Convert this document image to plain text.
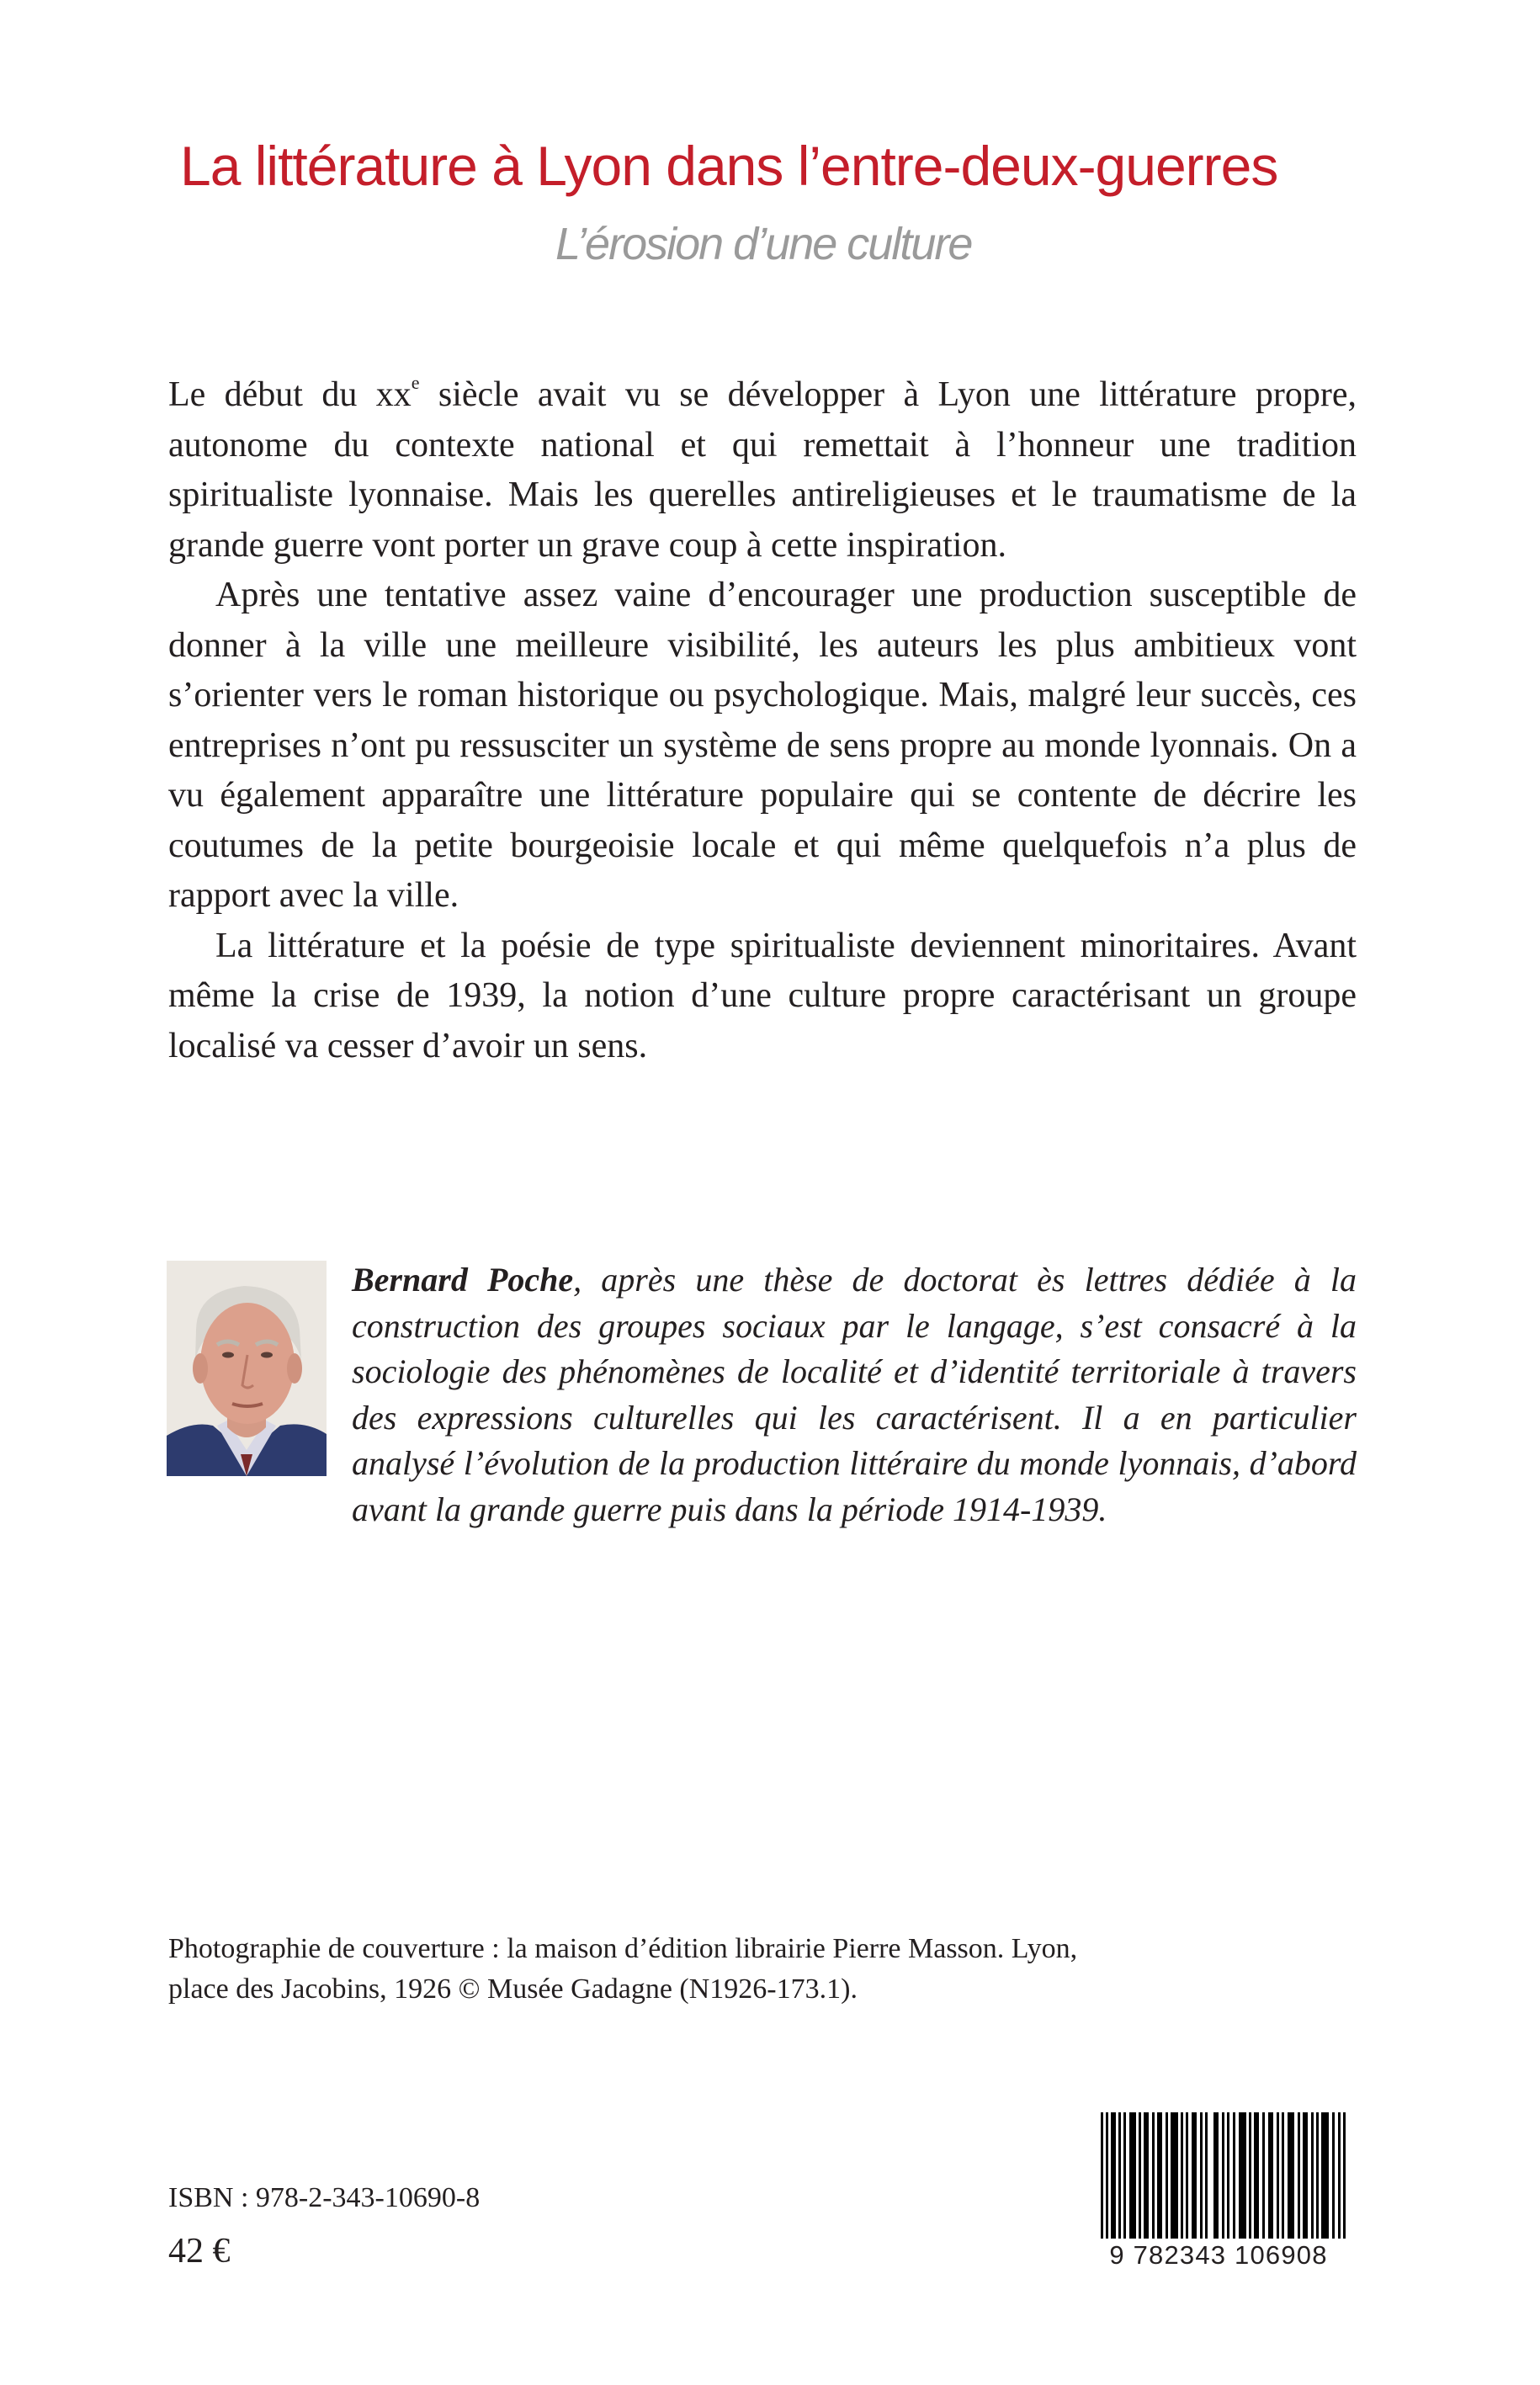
La littérature à Lyon dans l’entre-deux-guerres
L’érosion d’une culture

Le début du $xx^e$ siècle avait vu se développer à Lyon une littérature propre, autonome du contexte national et qui remettait à l’honneur une tradition spiritualiste lyonnaise. Mais les querelles antireligieuses et le traumatisme de la grande guerre vont porter un grave coup à cette inspiration.

Après une tentative assez vaine d’encourager une production susceptible de donner à la ville une meilleure visibilité, les auteurs les plus ambitieux vont s’orienter vers le roman historique ou psychologique. Mais, malgré leur succès, ces entreprises n’ont pu ressusciter un système de sens propre au monde lyonnais. On a vu également apparaître une littérature populaire qui se contente de décrire les coutumes de la petite bourgeoisie locale et qui même quelquefois n’a plus de rapport avec la ville.

La littérature et la poésie de type spiritualiste deviennent minoritaires. Avant même la crise de 1939, la notion d’une culture propre caractérisant un groupe localisé va cesser d’avoir un sens.

Bernard Poche, après une thèse de doctorat ès lettres dédiée à la construction des groupes sociaux par le langage, s’est consacré à la sociologie des phénomènes de localité et d’identité territoriale à travers des expressions culturelles qui les caractérisent. Il a en particulier analysé l’évolution de la production littéraire du monde lyonnais, d’abord avant la grande guerre puis dans la période 1914-1939.

Photographie de couverture : la maison d’édition librairie Pierre Masson. Lyon,
place des Jacobins, 1926 © Musée Gadagne (N1926-173.1).
ISBN : 978-2-343-10690-8
42 €	9 782343 106908
